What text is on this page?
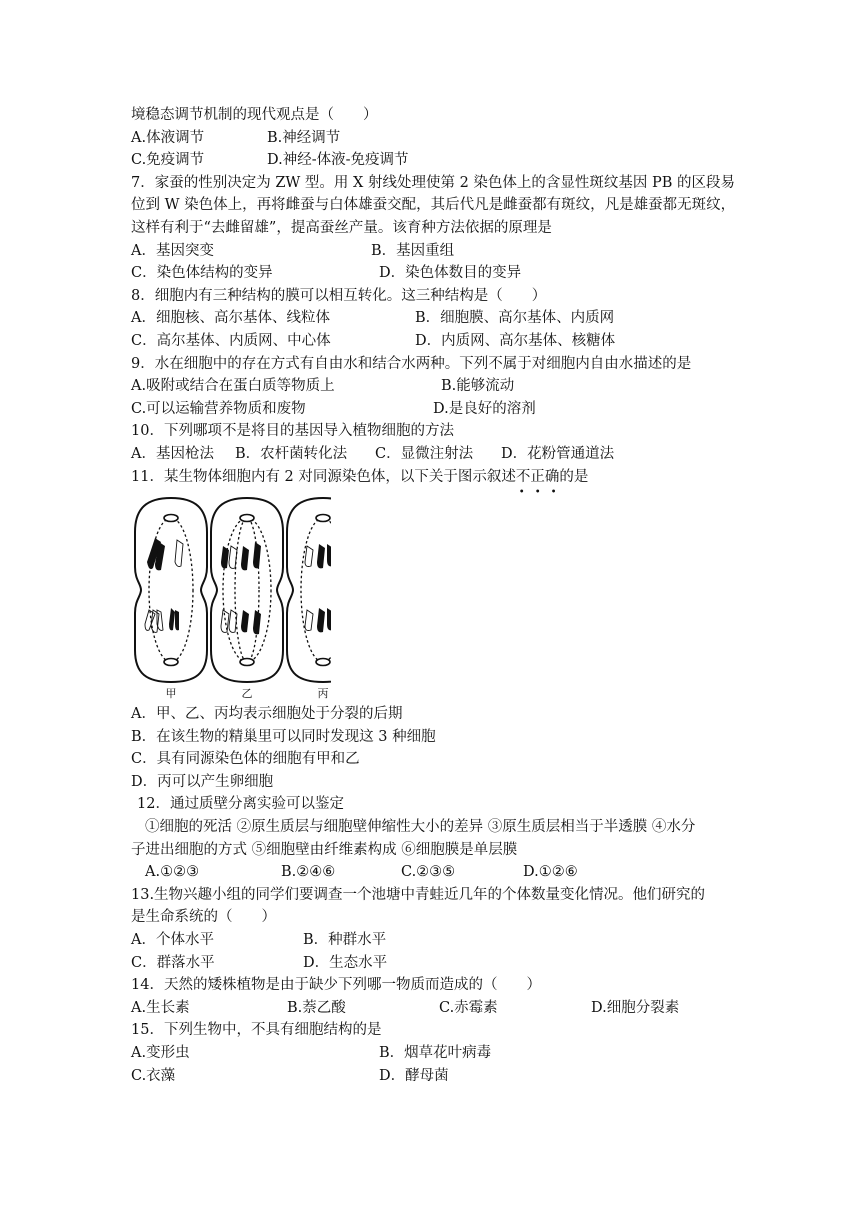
境稳态调节机制的现代观点是（　　）
A.体液调节	B.神经调节
C.免疫调节	D.神经-体液-免疫调节
7．家蚕的性别决定为 ZW 型。用 X 射线处理使第 2 染色体上的含显性斑纹基因 PB 的区段易
位到 W 染色体上，再将雌蚕与白体雄蚕交配，其后代凡是雌蚕都有斑纹，凡是雄蚕都无斑纹，
这样有利于“去雌留雄”，提高蚕丝产量。该育种方法依据的原理是
A．基因突变	B．基因重组
C．染色体结构的变异	D．染色体数目的变异
8．细胞内有三种结构的膜可以相互转化。这三种结构是（　　）
A．细胞核、高尔基体、线粒体	B．细胞膜、高尔基体、内质网
C．高尔基体、内质网、中心体	D．内质网、高尔基体、核糖体
9．水在细胞中的存在方式有自由水和结合水两种。下列不属于对细胞内自由水描述的是
A.吸附或结合在蛋白质等物质上	B.能够流动
C.可以运输营养物质和废物	D.是良好的溶剂
10．下列哪项不是将目的基因导入植物细胞的方法
A．基因枪法 B．农杆菌转化法 C．显微注射法 D．花粉管通道法
11．某生物体细胞内有 2 对同源染色体，以下关于图示叙述不正确
•　•　•
的是
甲	乙	丙
A．甲、乙、丙均表示细胞处于分裂的后期
B．在该生物的精巢里可以同时发现这 3 种细胞
C．具有同源染色体的细胞有甲和乙
D．丙可以产生卵细胞
12．通过质壁分离实验可以鉴定
①细胞的死活 ②原生质层与细胞壁伸缩性大小的差异 ③原生质层相当于半透膜 ④水分
子进出细胞的方式 ⑤细胞壁由纤维素构成 ⑥细胞膜是单层膜
A.①②③	B.②④⑥	C.②③⑤	D.①②⑥
13.生物兴趣小组的同学们要调查一个池塘中青蛙近几年的个体数量变化情况。他们研究的
是生命系统的（　　）
A．个体水平	B．种群水平
C．群落水平	D．生态水平
14．天然的矮株植物是由于缺少下列哪一物质而造成的（　　）
A.生长素	B.萘乙酸	C.赤霉素	D.细胞分裂素
15．下列生物中，不具有细胞结构的是
A.变形虫	B．烟草花叶病毒
C.衣藻	D．酵母菌
